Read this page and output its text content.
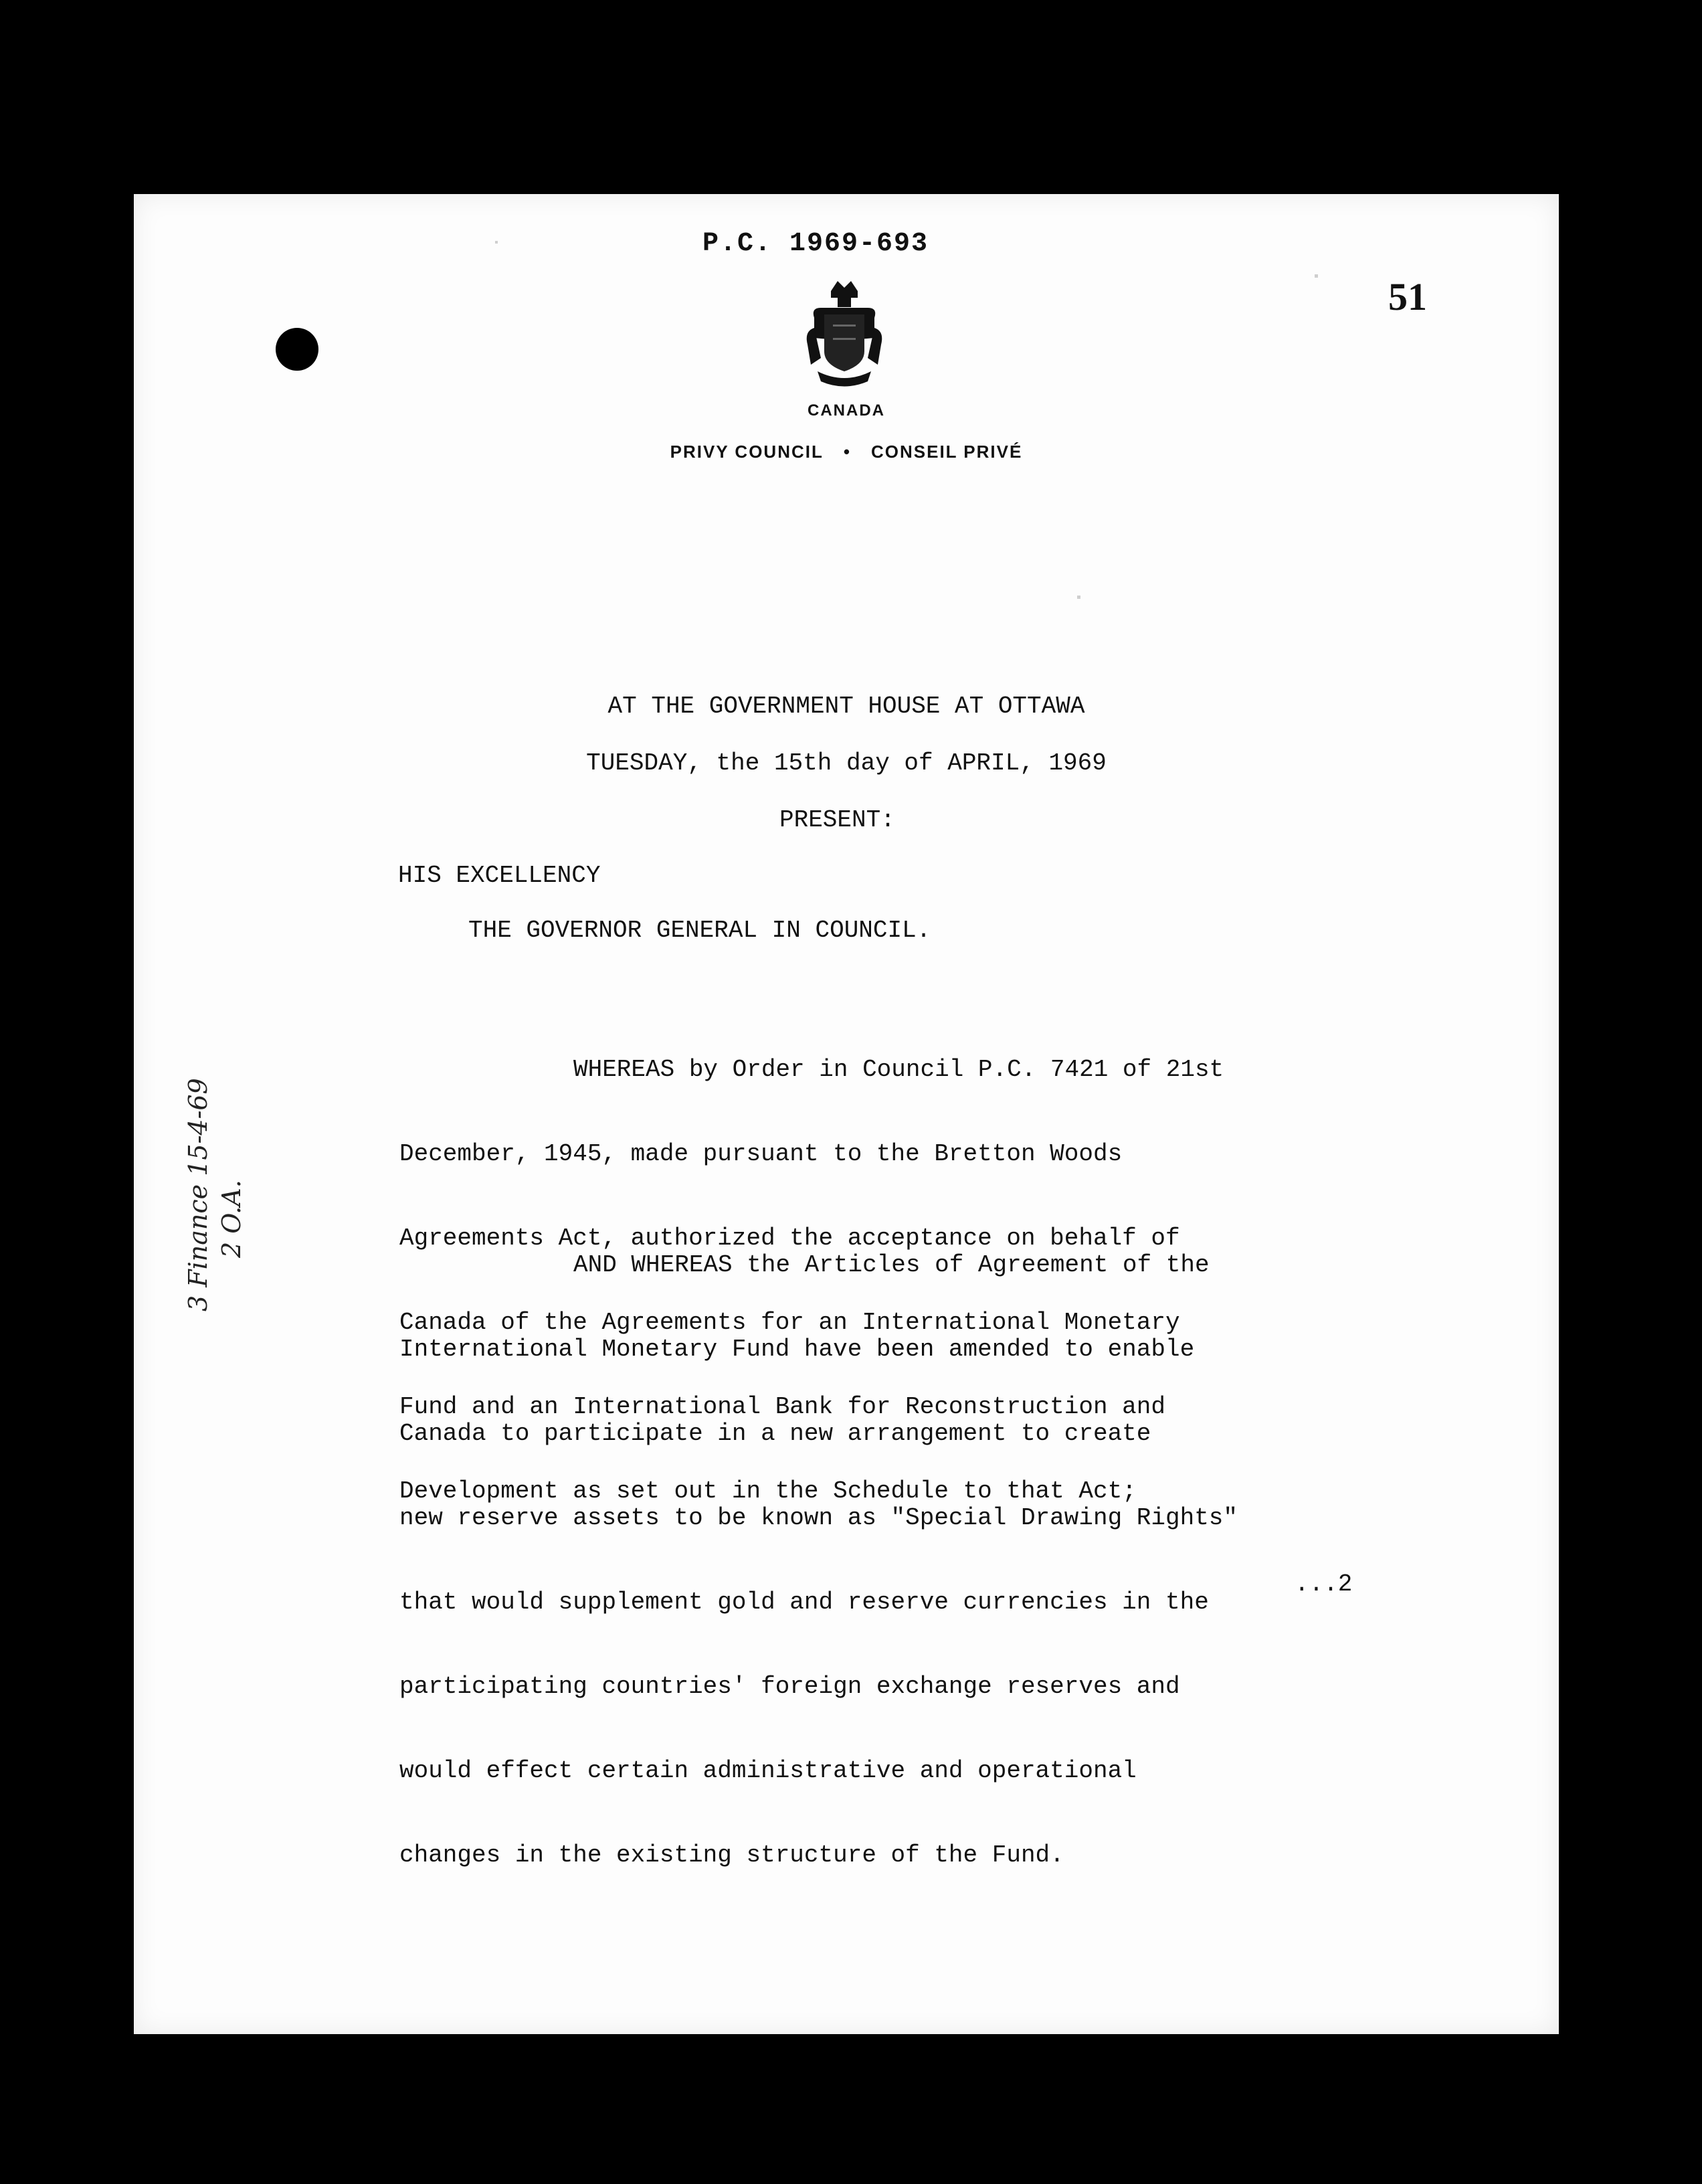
P.C. 1969-693
51
CANADA
PRIVY COUNCIL • CONSEIL PRIVÉ
AT THE GOVERNMENT HOUSE AT OTTAWA
TUESDAY, the 15th day of APRIL, 1969
PRESENT:
HIS EXCELLENCY
THE GOVERNOR GENERAL IN COUNCIL.

WHEREAS by Order in Council P.C. 7421 of 21st

December, 1945, made pursuant to the Bretton Woods

Agreements Act, authorized the acceptance on behalf of

Canada of the Agreements for an International Monetary

Fund and an International Bank for Reconstruction and

Development as set out in the Schedule to that Act;

AND WHEREAS the Articles of Agreement of the

International Monetary Fund have been amended to enable

Canada to participate in a new arrangement to create

new reserve assets to be known as "Special Drawing Rights"

that would supplement gold and reserve currencies in the

participating countries' foreign exchange reserves and

would effect certain administrative and operational

changes in the existing structure of the Fund.

...2
3 Finance 15-4-69 2 O.A.
